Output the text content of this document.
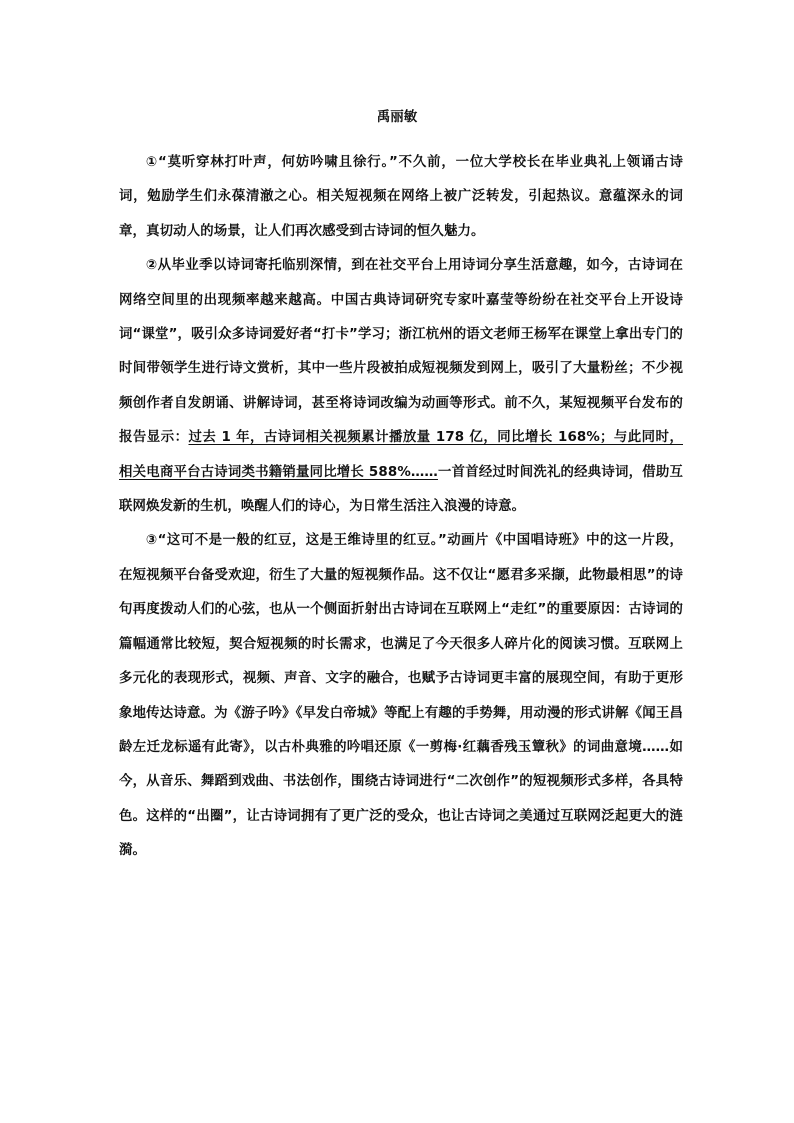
禹丽敏

①“莫听穿林打叶声，何妨吟啸且徐行。”不久前，一位大学校长在毕业典礼上领诵古诗词，勉励学生们永葆清澈之心。相关短视频在网络上被广泛转发，引起热议。意蕴深永的词章，真切动人的场景，让人们再次感受到古诗词的恒久魅力。

②从毕业季以诗词寄托临别深情，到在社交平台上用诗词分享生活意趣，如今，古诗词在网络空间里的出现频率越来越高。中国古典诗词研究专家叶嘉莹等纷纷在社交平台上开设诗词“课堂”，吸引众多诗词爱好者“打卡”学习；浙江杭州的语文老师王杨军在课堂上拿出专门的时间带领学生进行诗文赏析，其中一些片段被拍成短视频发到网上，吸引了大量粉丝；不少视频创作者自发朗诵、讲解诗词，甚至将诗词改编为动画等形式。前不久，某短视频平台发布的报告显示：过去 1 年，古诗词相关视频累计播放量 178 亿，同比增长 168%；与此同时，相关电商平台古诗词类书籍销量同比增长 588%……一首首经过时间洗礼的经典诗词，借助互联网焕发新的生机，唤醒人们的诗心，为日常生活注入浪漫的诗意。

③“这可不是一般的红豆，这是王维诗里的红豆。”动画片《中国唱诗班》中的这一片段，在短视频平台备受欢迎，衍生了大量的短视频作品。这不仅让“愿君多采撷，此物最相思”的诗句再度拨动人们的心弦，也从一个侧面折射出古诗词在互联网上“走红”的重要原因：古诗词的篇幅通常比较短，契合短视频的时长需求，也满足了今天很多人碎片化的阅读习惯。互联网上多元化的表现形式，视频、声音、文字的融合，也赋予古诗词更丰富的展现空间，有助于更形象地传达诗意。为《游子吟》《早发白帝城》等配上有趣的手势舞，用动漫的形式讲解《闻王昌龄左迁龙标遥有此寄》，以古朴典雅的吟唱还原《一剪梅·红藕香残玉簟秋》的词曲意境……如今，从音乐、舞蹈到戏曲、书法创作，围绕古诗词进行“二次创作”的短视频形式多样，各具特色。这样的“出圈”，让古诗词拥有了更广泛的受众，也让古诗词之美通过互联网泛起更大的涟漪。
